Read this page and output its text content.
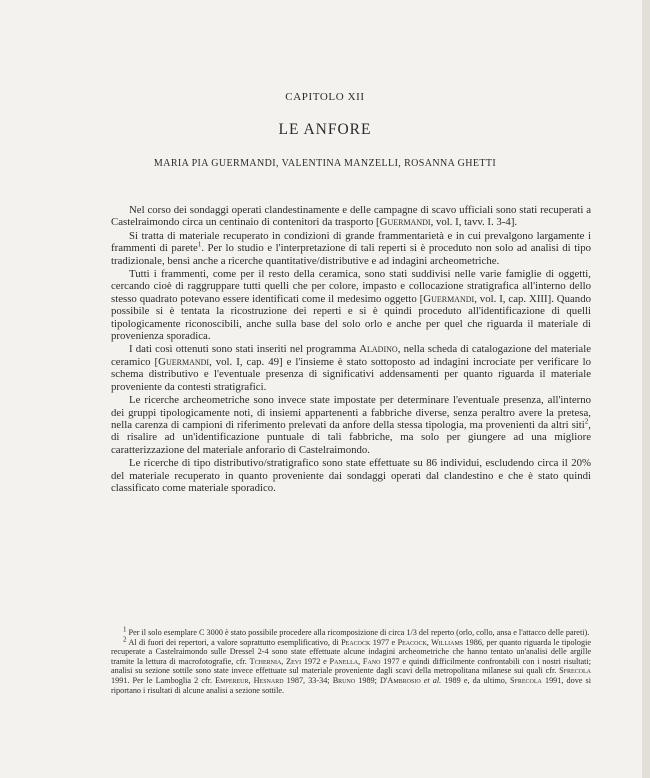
CAPITOLO XII
LE ANFORE
MARIA PIA GUERMANDI, VALENTINA MANZELLI, ROSANNA GHETTI

Nel corso dei sondaggi operati clandestinamente e delle campagne di scavo ufficiali sono stati recuperati a Castelraimondo circa un centinaio di contenitori da trasporto [Guermandi, vol. I, tavv. I. 3-4].

Si tratta di materiale recuperato in condizioni di grande frammentarietà e in cui prevalgono largamente i frammenti di parete$^1$. Per lo studio e l'interpretazione di tali reperti si è proceduto non solo ad analisi di tipo tradizionale, bensì anche a ricerche quantitative/distributive e ad indagini archeometriche.

Tutti i frammenti, come per il resto della ceramica, sono stati suddivisi nelle varie famiglie di oggetti, cercando cioè di raggruppare tutti quelli che per colore, impasto e collocazione stratigrafica all'interno dello stesso quadrato potevano essere identificati come il medesimo oggetto [Guermandi, vol. I, cap. XIII]. Quando possibile si è tentata la ricostruzione dei reperti e si è quindi proceduto all'identificazione di quelli tipologicamente riconoscibili, anche sulla base del solo orlo e anche per quel che riguarda il materiale di provenienza sporadica.

I dati così ottenuti sono stati inseriti nel programma Aladino, nella scheda di catalogazione del materiale ceramico [Guermandi, vol. I, cap. 49] e l'insieme è stato sottoposto ad indagini incrociate per verificare lo schema distributivo e l'eventuale presenza di significativi addensamenti per quanto riguarda il materiale proveniente da contesti stratigrafici.

Le ricerche archeometriche sono invece state impostate per determinare l'eventuale presenza, all'interno dei gruppi tipologicamente noti, di insiemi appartenenti a fabbriche diverse, senza peraltro avere la pretesa, nella carenza di campioni di riferimento prelevati da anfore della stessa tipologia, ma provenienti da altri siti$^2$, di risalire ad un'identificazione puntuale di tali fabbriche, ma solo per giungere ad una migliore caratterizzazione del materiale anforario di Castelraimondo.

Le ricerche di tipo distributivo/stratigrafico sono state effettuate su 86 individui, escludendo circa il 20% del materiale recuperato in quanto proveniente dai sondaggi operati dal clandestino e che è stato quindi classificato come materiale sporadico.

$^1$ Per il solo esemplare C 3000 è stato possibile procedere alla ricomposizione di circa 1/3 del reperto (orlo, collo, ansa e l'attacco delle pareti).

$^2$ Al di fuori dei repertori, a valore soprattutto esemplificativo, di Peacock 1977 e Peacock, Williams 1986, per quanto riguarda le tipologie recuperate a Castelraimondo sulle Dressel 2-4 sono state effettuate alcune indagini archeometriche che hanno tentato un'analisi delle argille tramite la lettura di macrofotografie, cfr. Tchernia, Zevi 1972 e Panella, Fano 1977 e quindi difficilmente confrontabili con i nostri risultati; analisi su sezione sottile sono state invece effettuate sul materiale proveniente dagli scavi della metropolitana milanese sui quali cfr. Sfrecola 1991. Per le Lamboglia 2 cfr. Empereur, Hesnard 1987, 33-34; Bruno 1989; D'Ambrosio et al. 1989 e, da ultimo, Sfrecola 1991, dove si riportano i risultati di alcune analisi a sezione sottile.
